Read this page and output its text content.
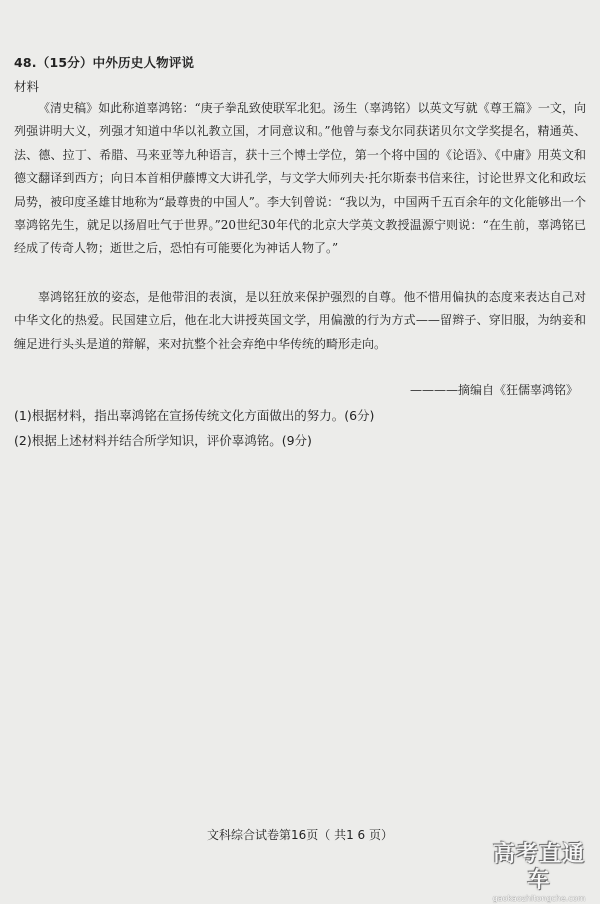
48.（15分）中外历史人物评说
材料

《清史稿》如此称道辜鸿铭：“庚子拳乱致使联军北犯。汤生（辜鸿铭）以英文写就《尊王篇》一文，向列强讲明大义，列强才知道中华以礼教立国，才同意议和。”他曾与泰戈尔同获诺贝尔文学奖提名，精通英、法、德、拉丁、希腊、马来亚等九种语言，获十三个博士学位，第一个将中国的《论语》、《中庸》用英文和德文翻译到西方；向日本首相伊藤博文大讲孔学，与文学大师列夫·托尔斯泰书信来往，讨论世界文化和政坛局势，被印度圣雄甘地称为“最尊贵的中国人”。李大钊曾说：“我以为，中国两千五百余年的文化能够出一个辜鸿铭先生，就足以扬眉吐气于世界。”20世纪30年代的北京大学英文教授温源宁则说：“在生前，辜鸿铭已经成了传奇人物；逝世之后，恐怕有可能要化为神话人物了。”

辜鸿铭狂放的姿态，是他带泪的表演，是以狂放来保护强烈的自尊。他不惜用偏执的态度来表达自己对中华文化的热爱。民国建立后，他在北大讲授英国文学，用偏激的行为方式——留辫子、穿旧服，为纳妾和缠足进行头头是道的辩解，来对抗整个社会弃绝中华传统的畸形走向。

————摘编自《狂儒辜鸿铭》
(1)根据材料，指出辜鸿铭在宣扬传统文化方面做出的努力。(6分)
(2)根据上述材料并结合所学知识，评价辜鸿铭。(9分)
文科综合试卷第16页（ 共1 6 页）
高考直通车
gaokaozhitongche.com
